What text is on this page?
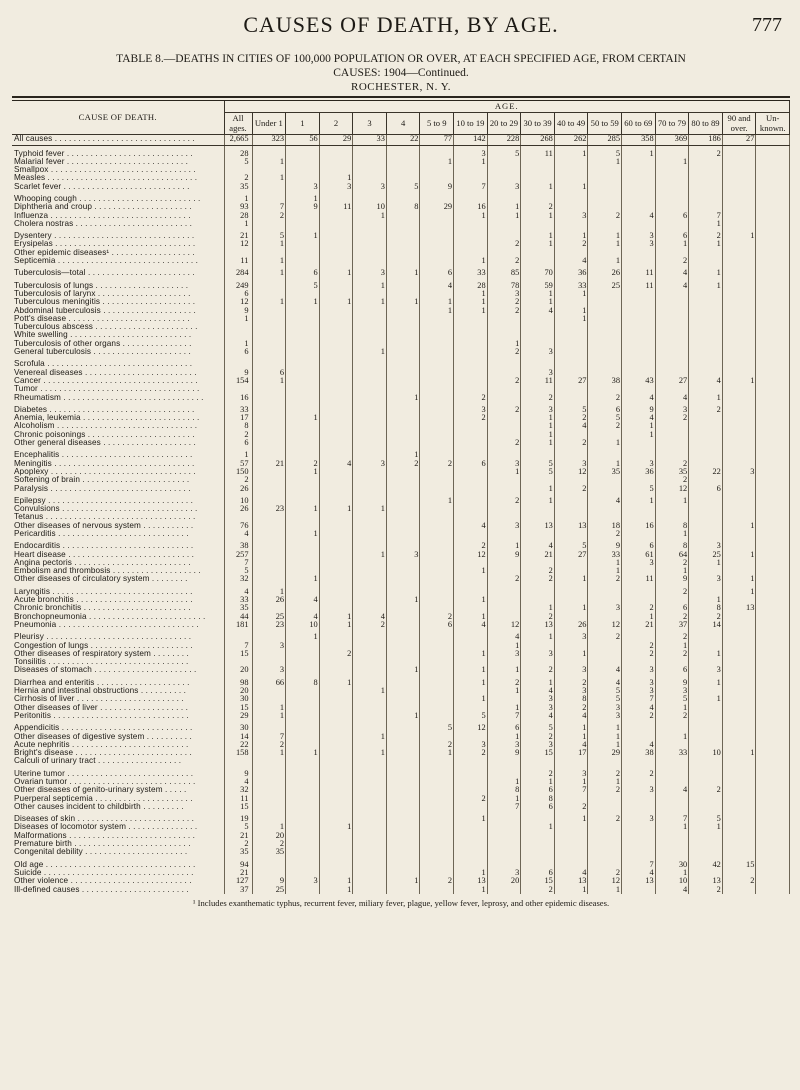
CAUSES OF DEATH, BY AGE.	777
TABLE 8.—DEATHS IN CITIES OF 100,000 POPULATION OR OVER, AT EACH SPECIFIED AGE, FROM CERTAIN
CAUSES: 1904—Continued.
ROCHESTER, N. Y.
CAUSE OF DEATH.	AGE.																
	All ages.	Under 1	1	2	3	4	5 to 9	10 to 19	20 to 29	30 to 39	40 to 49	50 to 59	60 to 69	70 to 79	80 to 89	90 and over.	Un-known.
All causes . . . . . . . . . . . . . . . . . . . . . . . . . . . . . .	2,665	323	56	29	33	22	77	142	228	268	262	285	358	369	186	27	

Typhoid fever . . . . . . . . . . . . . . . . . . . . . . . . . . .	28							3	5	11	1	5	1		2		
Malarial fever . . . . . . . . . . . . . . . . . . . . . . . . . .	5	1					1	1				1		1			
Smallpox . . . . . . . . . . . . . . . . . . . . . . . . . . . . . . .																	
Measles . . . . . . . . . . . . . . . . . . . . . . . . . . . . . . . .	2	1		1													
Scarlet fever . . . . . . . . . . . . . . . . . . . . . . . . . . .	35		3	3	3	5	9	7	3	1	1						

Whooping cough . . . . . . . . . . . . . . . . . . . . . . . . . .	1		1														
Diphtheria and croup . . . . . . . . . . . . . . . . . . . . .	93	7	9	11	10	8	29	16	1	2							
Influenza . . . . . . . . . . . . . . . . . . . . . . . . . . . . . .	28	2			1			1	1	1	3	2	4	6	7		
Cholera nostras . . . . . . . . . . . . . . . . . . . . . . . . .	1														1		

Dysentery . . . . . . . . . . . . . . . . . . . . . . . . . . . . . .	21	5	1							1	1	1	3	6	2	1	
Erysipelas . . . . . . . . . . . . . . . . . . . . . . . . . . . . . .	12	1							2	1	2	1	3	1	1		
Other epidemic diseases¹ . . . . . . . . . . . . . . . . . .																	
Septicemia . . . . . . . . . . . . . . . . . . . . . . . . . . . . . .	11	1						1	2		4	1		2			

Tuberculosis—total . . . . . . . . . . . . . . . . . . . . . . .	284	1	6	1	3	1	6	33	85	70	36	26	11	4	1		

Tuberculosis of lungs . . . . . . . . . . . . . . . . . . . .	249		5		1		4	28	78	59	33	25	11	4	1		
Tuberculosis of larynx . . . . . . . . . . . . . . . . . . . .	6							1	3	1	1						
Tuberculous meningitis . . . . . . . . . . . . . . . . . . . .	12	1	1	1	1	1	1	1	2	1							
Abdominal tuberculosis . . . . . . . . . . . . . . . . . . . .	9						1	1	2	4	1						
Pott's disease . . . . . . . . . . . . . . . . . . . . . . . . . .	1										1						
Tuberculous abscess . . . . . . . . . . . . . . . . . . . . . .																	
White swelling . . . . . . . . . . . . . . . . . . . . . . . . . .																	
Tuberculosis of other organs . . . . . . . . . . . . . . .	1								1								
General tuberculosis . . . . . . . . . . . . . . . . . . . . .	6				1				2	3							

Scrofula . . . . . . . . . . . . . . . . . . . . . . . . . . . . . . .																	
Venereal diseases . . . . . . . . . . . . . . . . . . . . . . . .	9	6								3							
Cancer . . . . . . . . . . . . . . . . . . . . . . . . . . . . . . . . .	154	1							2	11	27	38	43	27	4	1	
Tumor . . . . . . . . . . . . . . . . . . . . . . . . . . . . . . . . . .																	
Rheumatism . . . . . . . . . . . . . . . . . . . . . . . . . . . . . .	16					1		2		2		2	4	4	1		

Diabetes . . . . . . . . . . . . . . . . . . . . . . . . . . . . . . .	33							3	2	3	5	6	9	3	2		
Anemia, leukemia . . . . . . . . . . . . . . . . . . . . . . . . .	17		1					2		1	2	5	4	2			
Alcoholism . . . . . . . . . . . . . . . . . . . . . . . . . . . . . .	8									1	4	2	1				
Chronic poisonings . . . . . . . . . . . . . . . . . . . . . . .	2									1			1				
Other general diseases . . . . . . . . . . . . . . . . . . . .	6								2	1	2	1					

Encephalitis . . . . . . . . . . . . . . . . . . . . . . . . . . . .	1					1											
Meningitis . . . . . . . . . . . . . . . . . . . . . . . . . . . . . .	57	21	2	4	3	2	2	6	3	5	3	1	3	2			
Apoplexy . . . . . . . . . . . . . . . . . . . . . . . . . . . . . . .	150		1						1	5	12	35	36	35	22	3	
Softening of brain . . . . . . . . . . . . . . . . . . . . . . .	2													2			
Paralysis . . . . . . . . . . . . . . . . . . . . . . . . . . . . . .	26									1	2		5	12	6		

Epilepsy . . . . . . . . . . . . . . . . . . . . . . . . . . . . . . .	10						1		2	1		4	1	1			
Convulsions . . . . . . . . . . . . . . . . . . . . . . . . . . . . .	26	23	1	1	1												
Tetanus . . . . . . . . . . . . . . . . . . . . . . . . . . . . . . . .																	
Other diseases of nervous system . . . . . . . . . . .	76							4	3	13	13	18	16	8		1	
Pericarditis . . . . . . . . . . . . . . . . . . . . . . . . . . . .	4		1									2		1			

Endocarditis . . . . . . . . . . . . . . . . . . . . . . . . . . . .	38							2	1	4	5	9	6	8	3		
Heart disease . . . . . . . . . . . . . . . . . . . . . . . . . . .	257				1	3		12	9	21	27	33	61	64	25	1	
Angina pectoris . . . . . . . . . . . . . . . . . . . . . . . . .	7											1	3	2	1		
Embolism and thrombosis . . . . . . . . . . . . . . . . . . .	5							1		2		1		1			
Other diseases of circulatory system . . . . . . . .	32		1						2	2	1	2	11	9	3	1	

Laryngitis . . . . . . . . . . . . . . . . . . . . . . . . . . . . . .	4	1												2		1	
Acute bronchitis . . . . . . . . . . . . . . . . . . . . . . . . .	33	26	4			1		1							1		
Chronic bronchitis . . . . . . . . . . . . . . . . . . . . . . .	35									1	1	3	2	6	8	13	
Bronchopneumonia . . . . . . . . . . . . . . . . . . . . . . . . .	44	25	4	1	4		2	1		2			1	2	2		
Pneumonia . . . . . . . . . . . . . . . . . . . . . . . . . . . . . .	181	23	10	1	2		6	4	12	13	26	12	21	37	14		

Pleurisy . . . . . . . . . . . . . . . . . . . . . . . . . . . . . . .			1						4	1	3	2		2			
Congestion of lungs . . . . . . . . . . . . . . . . . . . . . .	7	3							1				2	1			
Other diseases of respiratory system . . . . . . . .	15			2				1	3	3	1		2	2	1		
Tonsilitis . . . . . . . . . . . . . . . . . . . . . . . . . . . . . .																	
Diseases of stomach . . . . . . . . . . . . . . . . . . . . . .	20	3				1		1	1	2	3	4	3	6	3		

Diarrhea and enteritis . . . . . . . . . . . . . . . . . . . .	98	66	8	1				1	2	1	2	4	3	9	1		
Hernia and intestinal obstructions . . . . . . . . . .	20				1				1	4	3	5	3	3			
Cirrhosis of liver . . . . . . . . . . . . . . . . . . . . . . .	30							1		3	8	5	7	5	1		
Other diseases of liver . . . . . . . . . . . . . . . . . . .	15	1							1	3	2	3	4	1			
Peritonitis . . . . . . . . . . . . . . . . . . . . . . . . . . . . .	29	1				1		5	7	4	4	3	2	2			

Appendicitis . . . . . . . . . . . . . . . . . . . . . . . . . . . .	30						5	12	6	5	1	1					
Other diseases of digestive system . . . . . . . . . .	14	7			1				1	2	1	1		1			
Acute nephritis . . . . . . . . . . . . . . . . . . . . . . . . .	22	2					2	3	3	3	4	1	4				
Bright's disease . . . . . . . . . . . . . . . . . . . . . . . . .	158	1	1		1		1	2	9	15	17	29	38	33	10	1	
Calculi of urinary tract . . . . . . . . . . . . . . . . . .																	

Uterine tumor . . . . . . . . . . . . . . . . . . . . . . . . . . .	9									2	3	2	2				
Ovarian tumor . . . . . . . . . . . . . . . . . . . . . . . . . . .	4								1	1	1	1					
Other diseases of genito-urinary system . . . . .	32								8	6	7	2	3	4	2		
Puerperal septicemia . . . . . . . . . . . . . . . . . . . . .	11							2	1	8							
Other causes incident to childbirth . . . . . . . . .	15								7	6	2						

Diseases of skin . . . . . . . . . . . . . . . . . . . . . . . . .	19							1			1	2	3	7	5		
Diseases of locomotor system . . . . . . . . . . . . . . .	5	1		1						1				1	1		
Malformations . . . . . . . . . . . . . . . . . . . . . . . . . . .	21	20															
Premature birth . . . . . . . . . . . . . . . . . . . . . . . . .	2	2															
Congenital debility . . . . . . . . . . . . . . . . . . . . . .	35	35															

Old age . . . . . . . . . . . . . . . . . . . . . . . . . . . . . . . .	94												7	30	42	15	
Suicide . . . . . . . . . . . . . . . . . . . . . . . . . . . . . . . .	21							1	3	6	4	2	4	1			
Other violence . . . . . . . . . . . . . . . . . . . . . . . . . .	127	9	3	1		1	2	13	20	15	13	12	13	10	13	2	
Ill-defined causes . . . . . . . . . . . . . . . . . . . . . . .	37	25		1				1		2	1	1		4	2		
¹ Includes exanthematic typhus, recurrent fever, miliary fever, plague, yellow fever, leprosy, and other epidemic diseases.
